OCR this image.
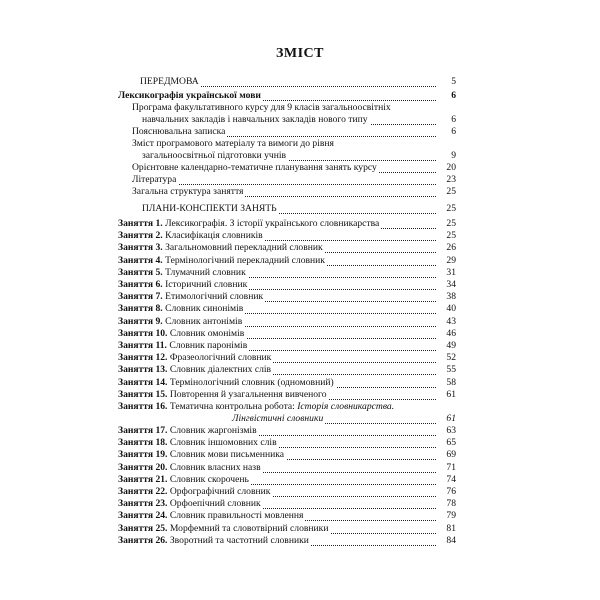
ЗМІСТ
ПЕРЕДМОВА	5
Лексикографія української мови	6
Програма факультативного курсу для 9 класів загальноосвітніх
навчальних закладів і навчальних закладів нового типу	6
Пояснювальна записка	6
Зміст програмового матеріалу та вимоги до рівня
загальноосвітньої підготовки учнів	9
Орієнтовне календарно-тематичне планування занять курсу	20
Література	23
Загальна структура заняття	25
ПЛАНИ-КОНСПЕКТИ ЗАНЯТЬ	25
Заняття 1. Лексикографія. З історії українського словникарства	25
Заняття 2. Класифікація словників	25
Заняття 3. Загальномовний перекладний словник	26
Заняття 4. Термінологічний перекладний словник	29
Заняття 5. Тлумачний словник	31
Заняття 6. Історичний словник	34
Заняття 7. Етимологічний словник	38
Заняття 8. Словник синонімів	40
Заняття 9. Словник антонімів	43
Заняття 10. Словник омонімів	46
Заняття 11. Словник паронімів	49
Заняття 12. Фразеологічний словник	52
Заняття 13. Словник діалектних слів	55
Заняття 14. Термінологічний словник (одномовний)	58
Заняття 15. Повторення й узагальнення вивченого	61
Заняття 16. Тематична контрольна робота: Історія словникарства.
Лінгвістичні словники	61
Заняття 17. Словник жаргонізмів	63
Заняття 18. Словник іншомовних слів	65
Заняття 19. Словник мови письменника	69
Заняття 20. Словник власних назв	71
Заняття 21. Словник скорочень	74
Заняття 22. Орфографічний словник	76
Заняття 23. Орфоепічний словник	78
Заняття 24. Словник правильності мовлення	79
Заняття 25. Морфемний та словотвірний словники	81
Заняття 26. Зворотний та частотний словники	84
